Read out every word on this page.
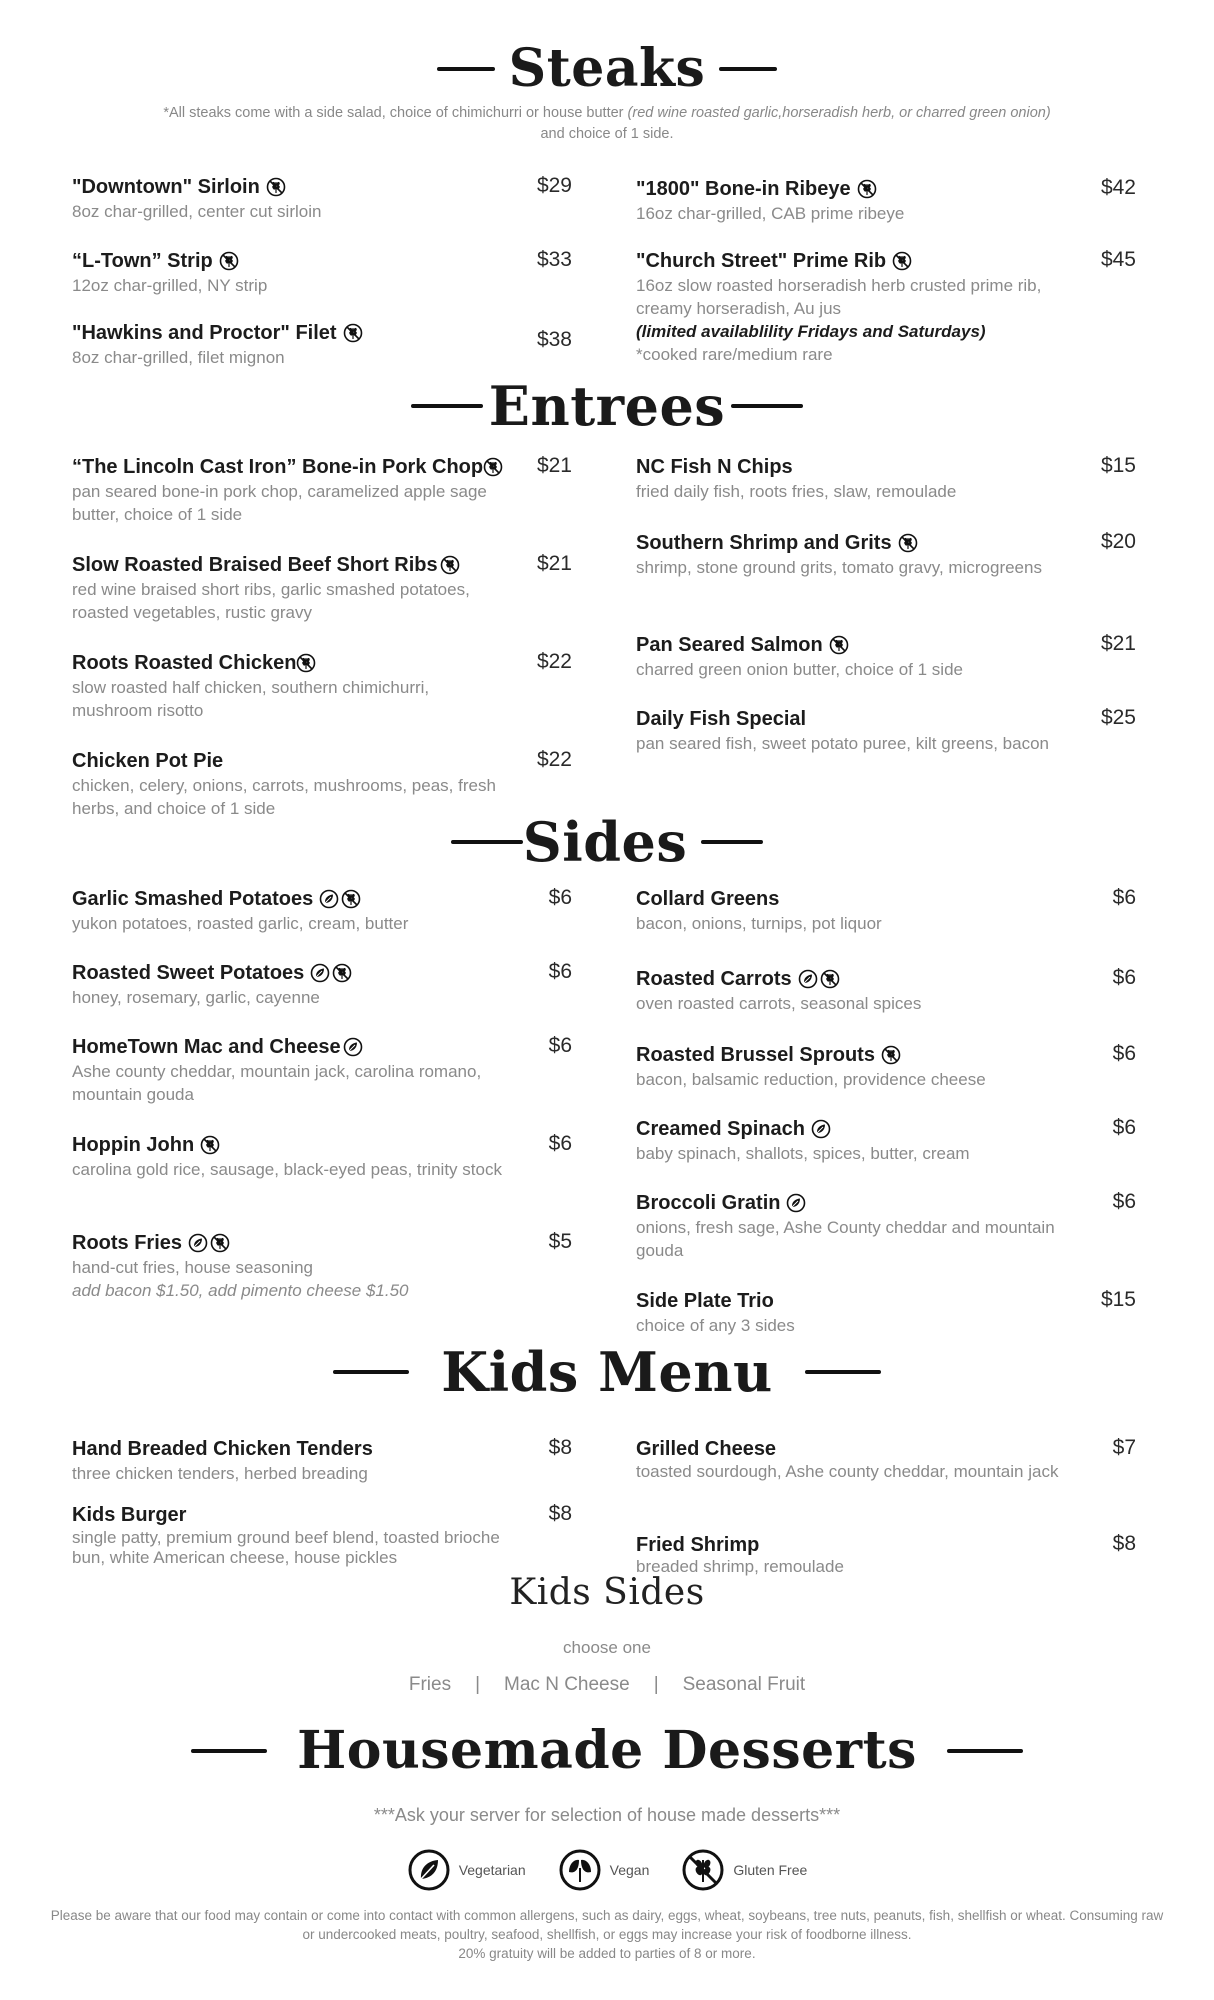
Steaks
*All steaks come with a side salad, choice of chimichurri or house butter (red wine roasted garlic,horseradish herb, or charred green onion) and choice of 1 side.
"Downtown" Sirloin	$29
8oz char-grilled, center cut sirloin
“L-Town” Strip	$33
12oz char-grilled, NY strip
"Hawkins and Proctor" Filet	$38
8oz char-grilled, filet mignon
"1800" Bone-in Ribeye	$42
16oz char-grilled, CAB prime ribeye
"Church Street" Prime Rib	$45
16oz slow roasted horseradish herb crusted prime rib, creamy horseradish, Au jus
(limited availablility Fridays and Saturdays)
*cooked rare/medium rare
Entrees
“The Lincoln Cast Iron” Bone-in Pork Chop	$21
pan seared bone-in pork chop, caramelized apple sage butter, choice of 1 side
Slow Roasted Braised Beef Short Ribs	$21
red wine braised short ribs, garlic smashed potatoes, roasted vegetables, rustic gravy
Roots Roasted Chicken	$22
slow roasted half chicken, southern chimichurri, mushroom risotto
Chicken Pot Pie	$22
chicken, celery, onions, carrots, mushrooms, peas, fresh herbs, and choice of 1 side
NC Fish N Chips	$15
fried daily fish, roots fries, slaw, remoulade
Southern Shrimp and Grits	$20
shrimp, stone ground grits, tomato gravy, microgreens
Pan Seared Salmon	$21
charred green onion butter, choice of 1 side
Daily Fish Special	$25
pan seared fish, sweet potato puree, kilt greens, bacon
Sides
Garlic Smashed Potatoes	$6
yukon potatoes, roasted garlic, cream, butter
Roasted Sweet Potatoes	$6
honey, rosemary, garlic, cayenne
HomeTown Mac and Cheese	$6
Ashe county cheddar, mountain jack, carolina romano, mountain gouda
Hoppin John	$6
carolina gold rice, sausage, black-eyed peas, trinity stock
Roots Fries	$5
hand-cut fries, house seasoning
add bacon $1.50, add pimento cheese $1.50
Collard Greens	$6
bacon, onions, turnips, pot liquor
Roasted Carrots	$6
oven roasted carrots, seasonal spices
Roasted Brussel Sprouts	$6
bacon, balsamic reduction, providence cheese
Creamed Spinach	$6
baby spinach, shallots, spices, butter, cream
Broccoli Gratin	$6
onions, fresh sage, Ashe County cheddar and mountain gouda
Side Plate Trio	$15
choice of any 3 sides
Kids Menu
Hand Breaded Chicken Tenders	$8
three chicken tenders, herbed breading
Kids Burger	$8
single patty, premium ground beef blend, toasted brioche bun, white American cheese, house pickles
Grilled Cheese	$7
toasted sourdough, Ashe county cheddar, mountain jack
Fried Shrimp	$8
breaded shrimp, remoulade
Kids Sides
choose one
Fries | Mac N Cheese | Seasonal Fruit
Housemade Desserts
***Ask your server for selection of house made desserts***
Vegetarian	Vegan	Gluten Free
Please be aware that our food may contain or come into contact with common allergens, such as dairy, eggs, wheat, soybeans, tree nuts, peanuts, fish, shellfish or wheat. Consuming raw or undercooked meats, poultry, seafood, shellfish, or eggs may increase your risk of foodborne illness.
20% gratuity will be added to parties of 8 or more.
